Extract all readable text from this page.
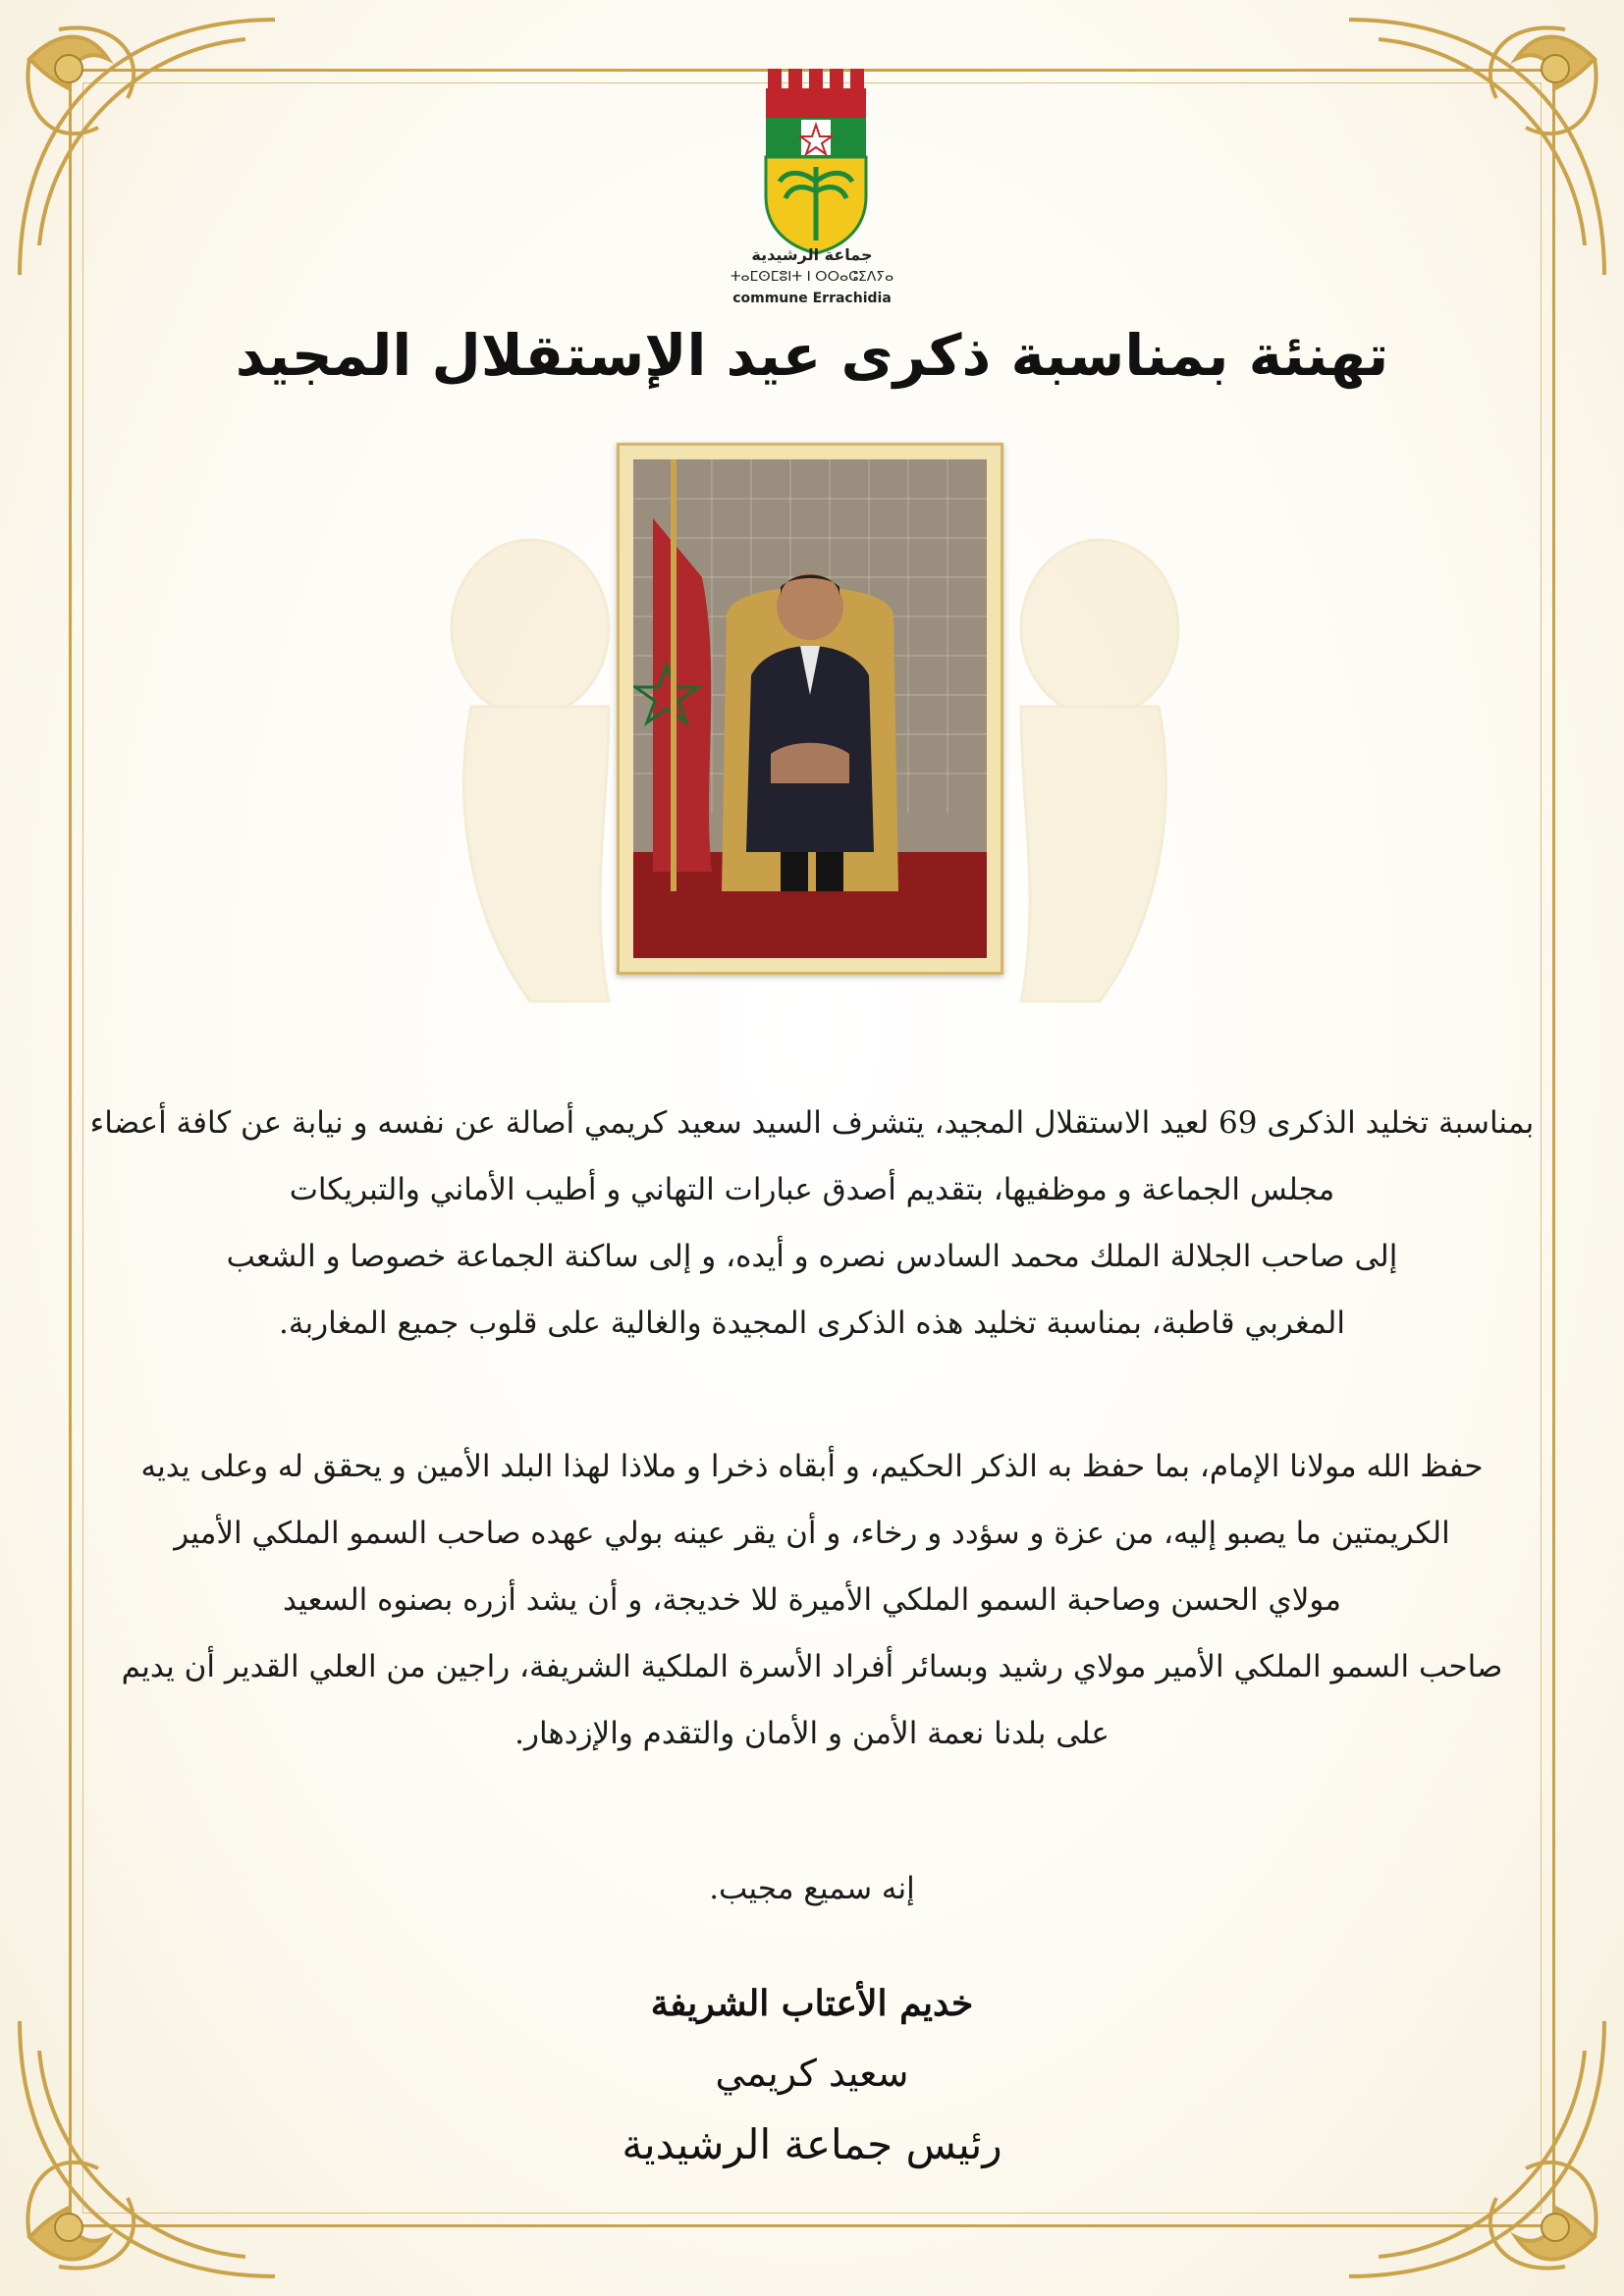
جماعة الرشيدية
ⵜⴰⵎⵙⵎⵓⵏⵜ ⵏ ⵔⵔⴰⵛⵉⴷⵢⴰ
commune Errachidia
تهنئة بمناسبة ذكرى عيد الإستقلال المجيد
بمناسبة تخليد الذكرى 69 لعيد الاستقلال المجيد، يتشرف السيد سعيد كريمي أصالة عن نفسه و نيابة عن كافة أعضاء
مجلس الجماعة و موظفيها، بتقديم أصدق عبارات التهاني و أطيب الأماني والتبريكات
إلى صاحب الجلالة الملك محمد السادس نصره و أيده، و إلى ساكنة الجماعة خصوصا و الشعب
المغربي قاطبة، بمناسبة تخليد هذه الذكرى المجيدة والغالية على قلوب جميع المغاربة.
حفظ الله مولانا الإمام، بما حفظ به الذكر الحكيم، و أبقاه ذخرا و ملاذا لهذا البلد الأمين و يحقق له وعلى يديه
الكريمتين ما يصبو إليه، من عزة و سؤدد و رخاء، و أن يقر عينه بولي عهده صاحب السمو الملكي الأمير
مولاي الحسن وصاحبة السمو الملكي الأميرة للا خديجة، و أن يشد أزره بصنوه السعيد
صاحب السمو الملكي الأمير مولاي رشيد وبسائر أفراد الأسرة الملكية الشريفة، راجين من العلي القدير أن يديم
على بلدنا نعمة الأمن و الأمان والتقدم والإزدهار.
إنه سميع مجيب.
خديم الأعتاب الشريفة
سعيد كريمي
رئيس جماعة الرشيدية
